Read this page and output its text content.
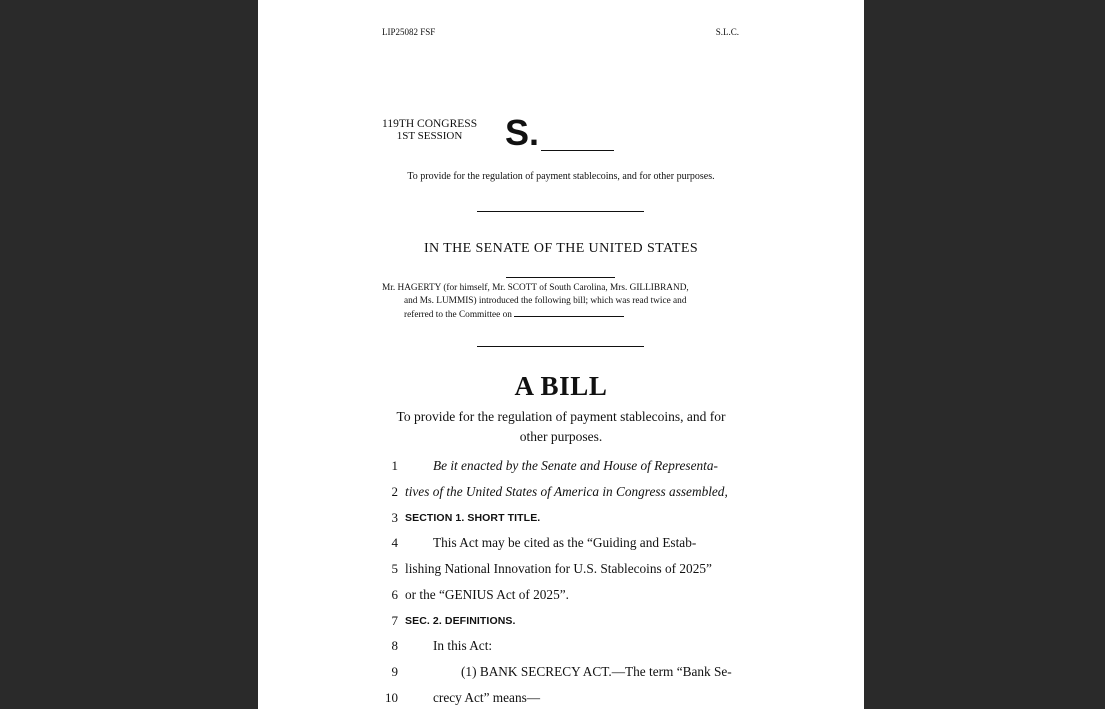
LIP25082 FSF	S.L.C.
119TH CONGRESS
1ST SESSION	S.
To provide for the regulation of payment stablecoins, and for other purposes.
IN THE SENATE OF THE UNITED STATES
Mr. HAGERTY (for himself, Mr. SCOTT of South Carolina, Mrs. GILLIBRAND,
and Ms. LUMMIS) introduced the following bill; which was read twice and
referred to the Committee on
A BILL
To provide for the regulation of payment stablecoins, and for other purposes.
1	Be it enacted by the Senate and House of Representa-
2 tives of the United States of America in Congress assembled,
3 SECTION 1. SHORT TITLE.
4	This Act may be cited as the “Guiding and Estab-
5 lishing National Innovation for U.S. Stablecoins of 2025”
6 or the “GENIUS Act of 2025”.
7 SEC. 2. DEFINITIONS.
8	In this Act:
9	(1) BANK SECRECY ACT.—The term “Bank Se-
10	crecy Act” means—
